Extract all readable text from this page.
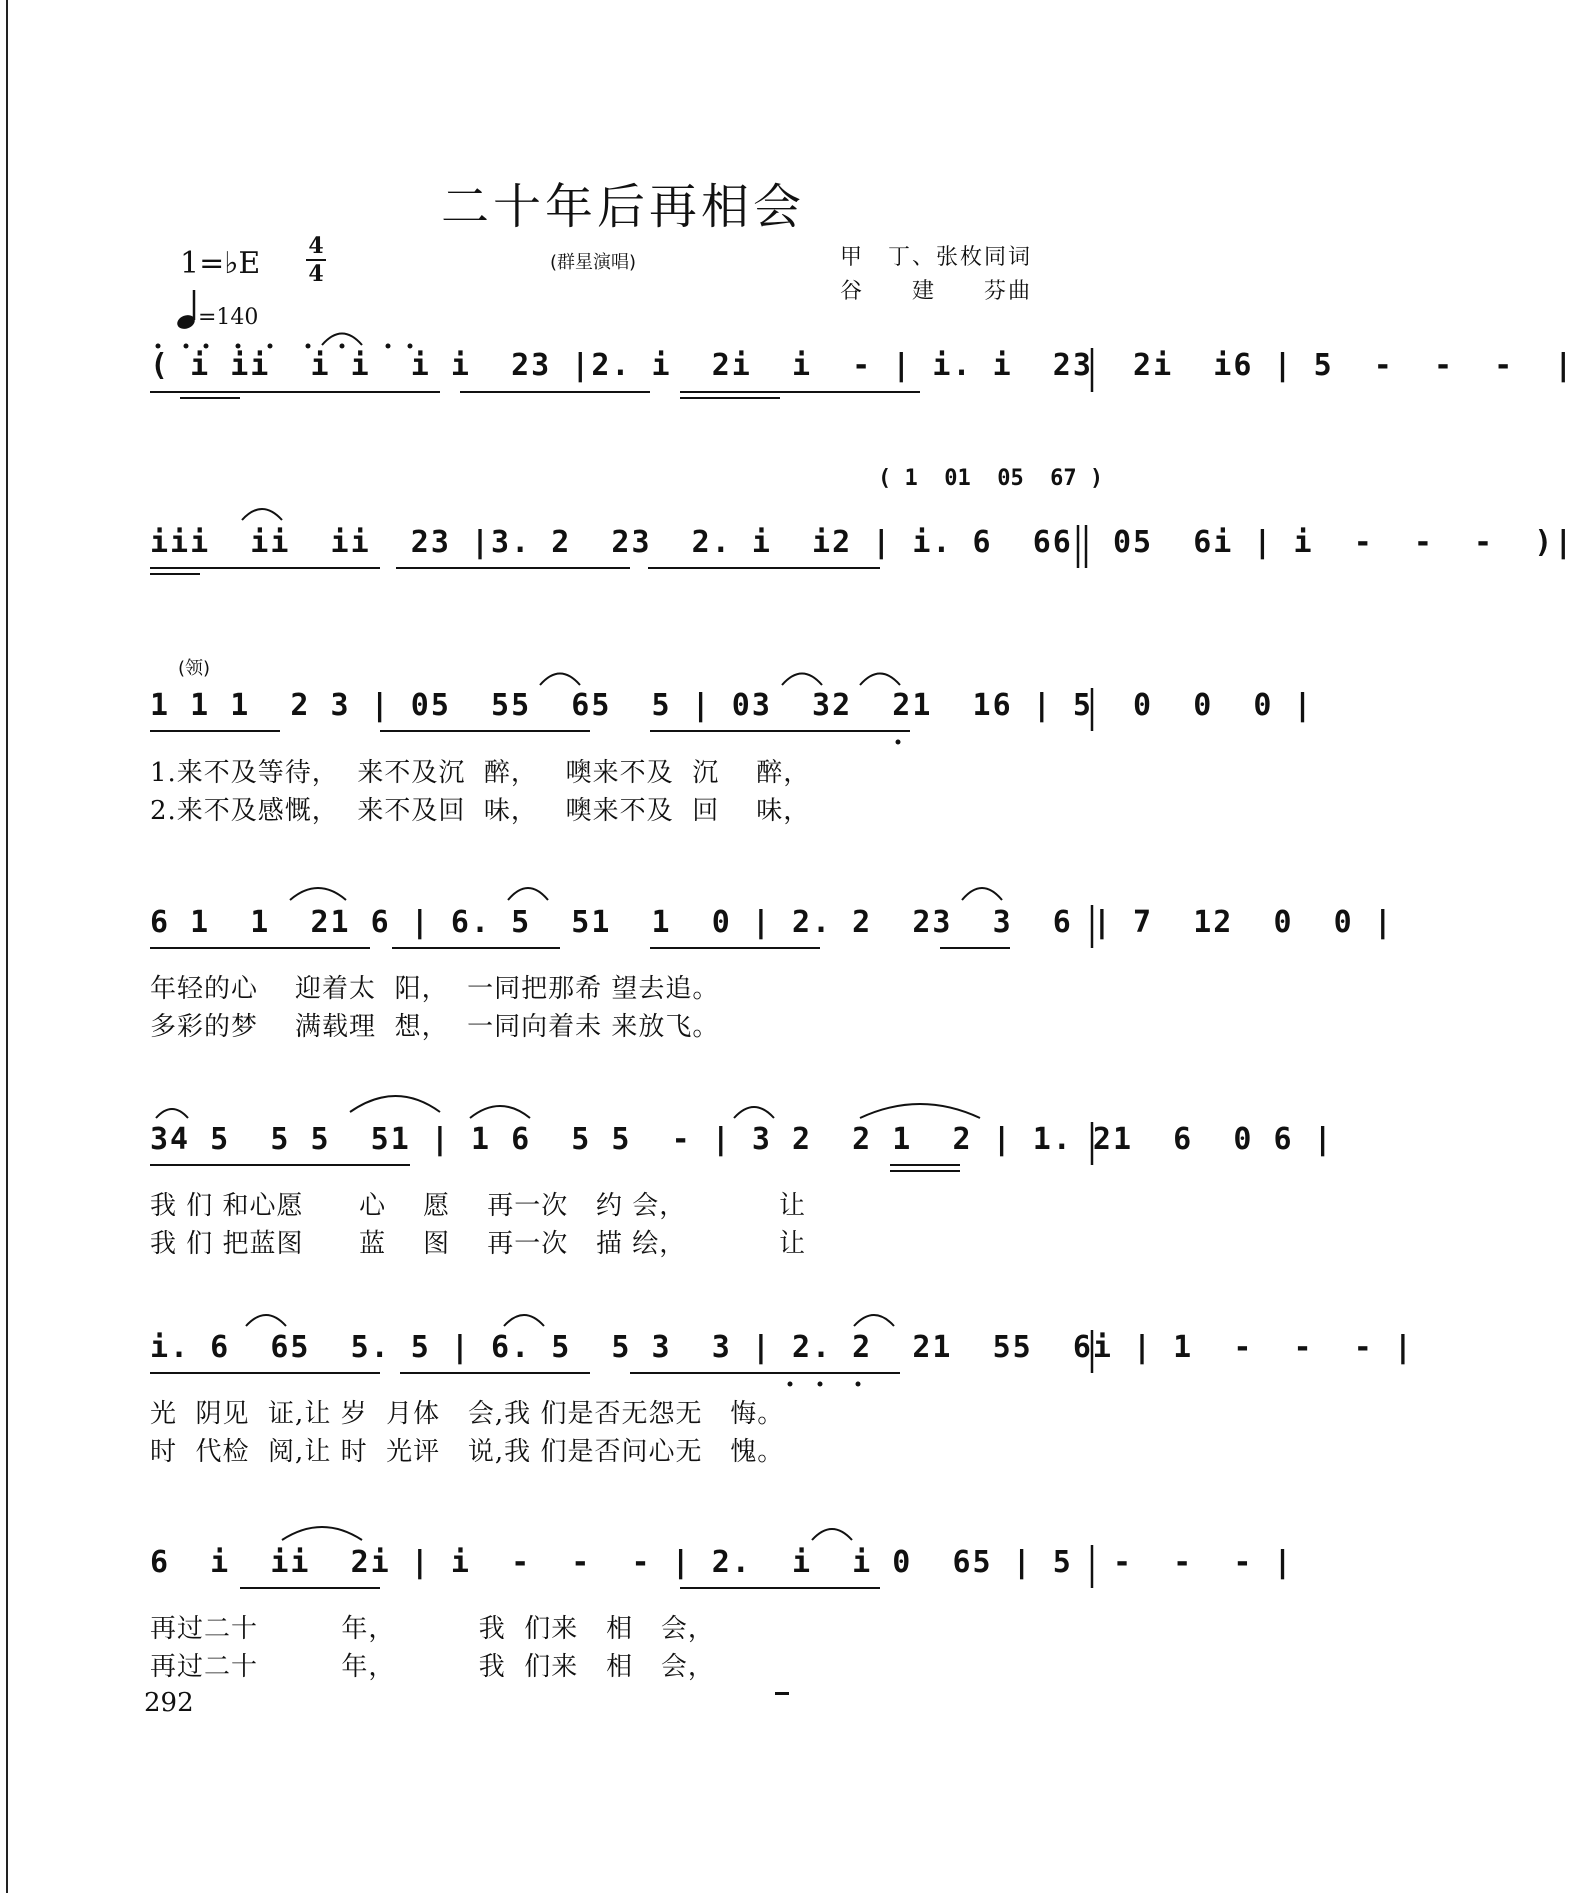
二十年后再相会
1=♭E 4
4	(群星演唱)	甲　丁、张枚同词
谷　　建　　芬曲
=140
( i ii  i i  i i  23 |2. i  2i  i  - | i. i  23  2i  i6 | 5  -  -  -  |
( 1  01  05  67 )
iii  ii  ii  23 |3. 2  23  2. i  i2 | i. 6  66  05  6i | i  -  -  -  )|
(领)
1 1 1  2 3 | 05  55  65  5 | 03  32  21  16 | 5  0  0  0 |
1.来不及等待，  来不及沉  醉，   噢来不及  沉    醉，
2.来不及感慨，  来不及回  味，   噢来不及  回    味，
6 1  1  21 6 | 6. 5  51  1  0 | 2. 2  23  3  6 | 7  12  0  0 |
年轻的心    迎着太  阳，  一同把那希 望去追。
多彩的梦    满载理  想，  一同向着未 来放飞。
34 5  5 5  51 | 1 6  5 5  - | 3 2  2 1  2 | 1. 21  6  0 6 |
我 们 和心愿      心    愿    再一次   约 会，          让
我 们 把蓝图      蓝    图    再一次   描 绘，          让
i. 6  65  5. 5 | 6. 5  5 3  3 | 2. 2  21  55  6i | 1  -  -  - |
光  阴见  证,让 岁  月体   会,我 们是否无怨无   悔。
时  代检  阅,让 时  光评   说,我 们是否问心无   愧。
6  i  ii  2i | i  -  -  - | 2.  i  i 0  65 | 5  -  -  - |
再过二十         年，         我  们来   相   会，
再过二十         年，         我  们来   相   会，
292
